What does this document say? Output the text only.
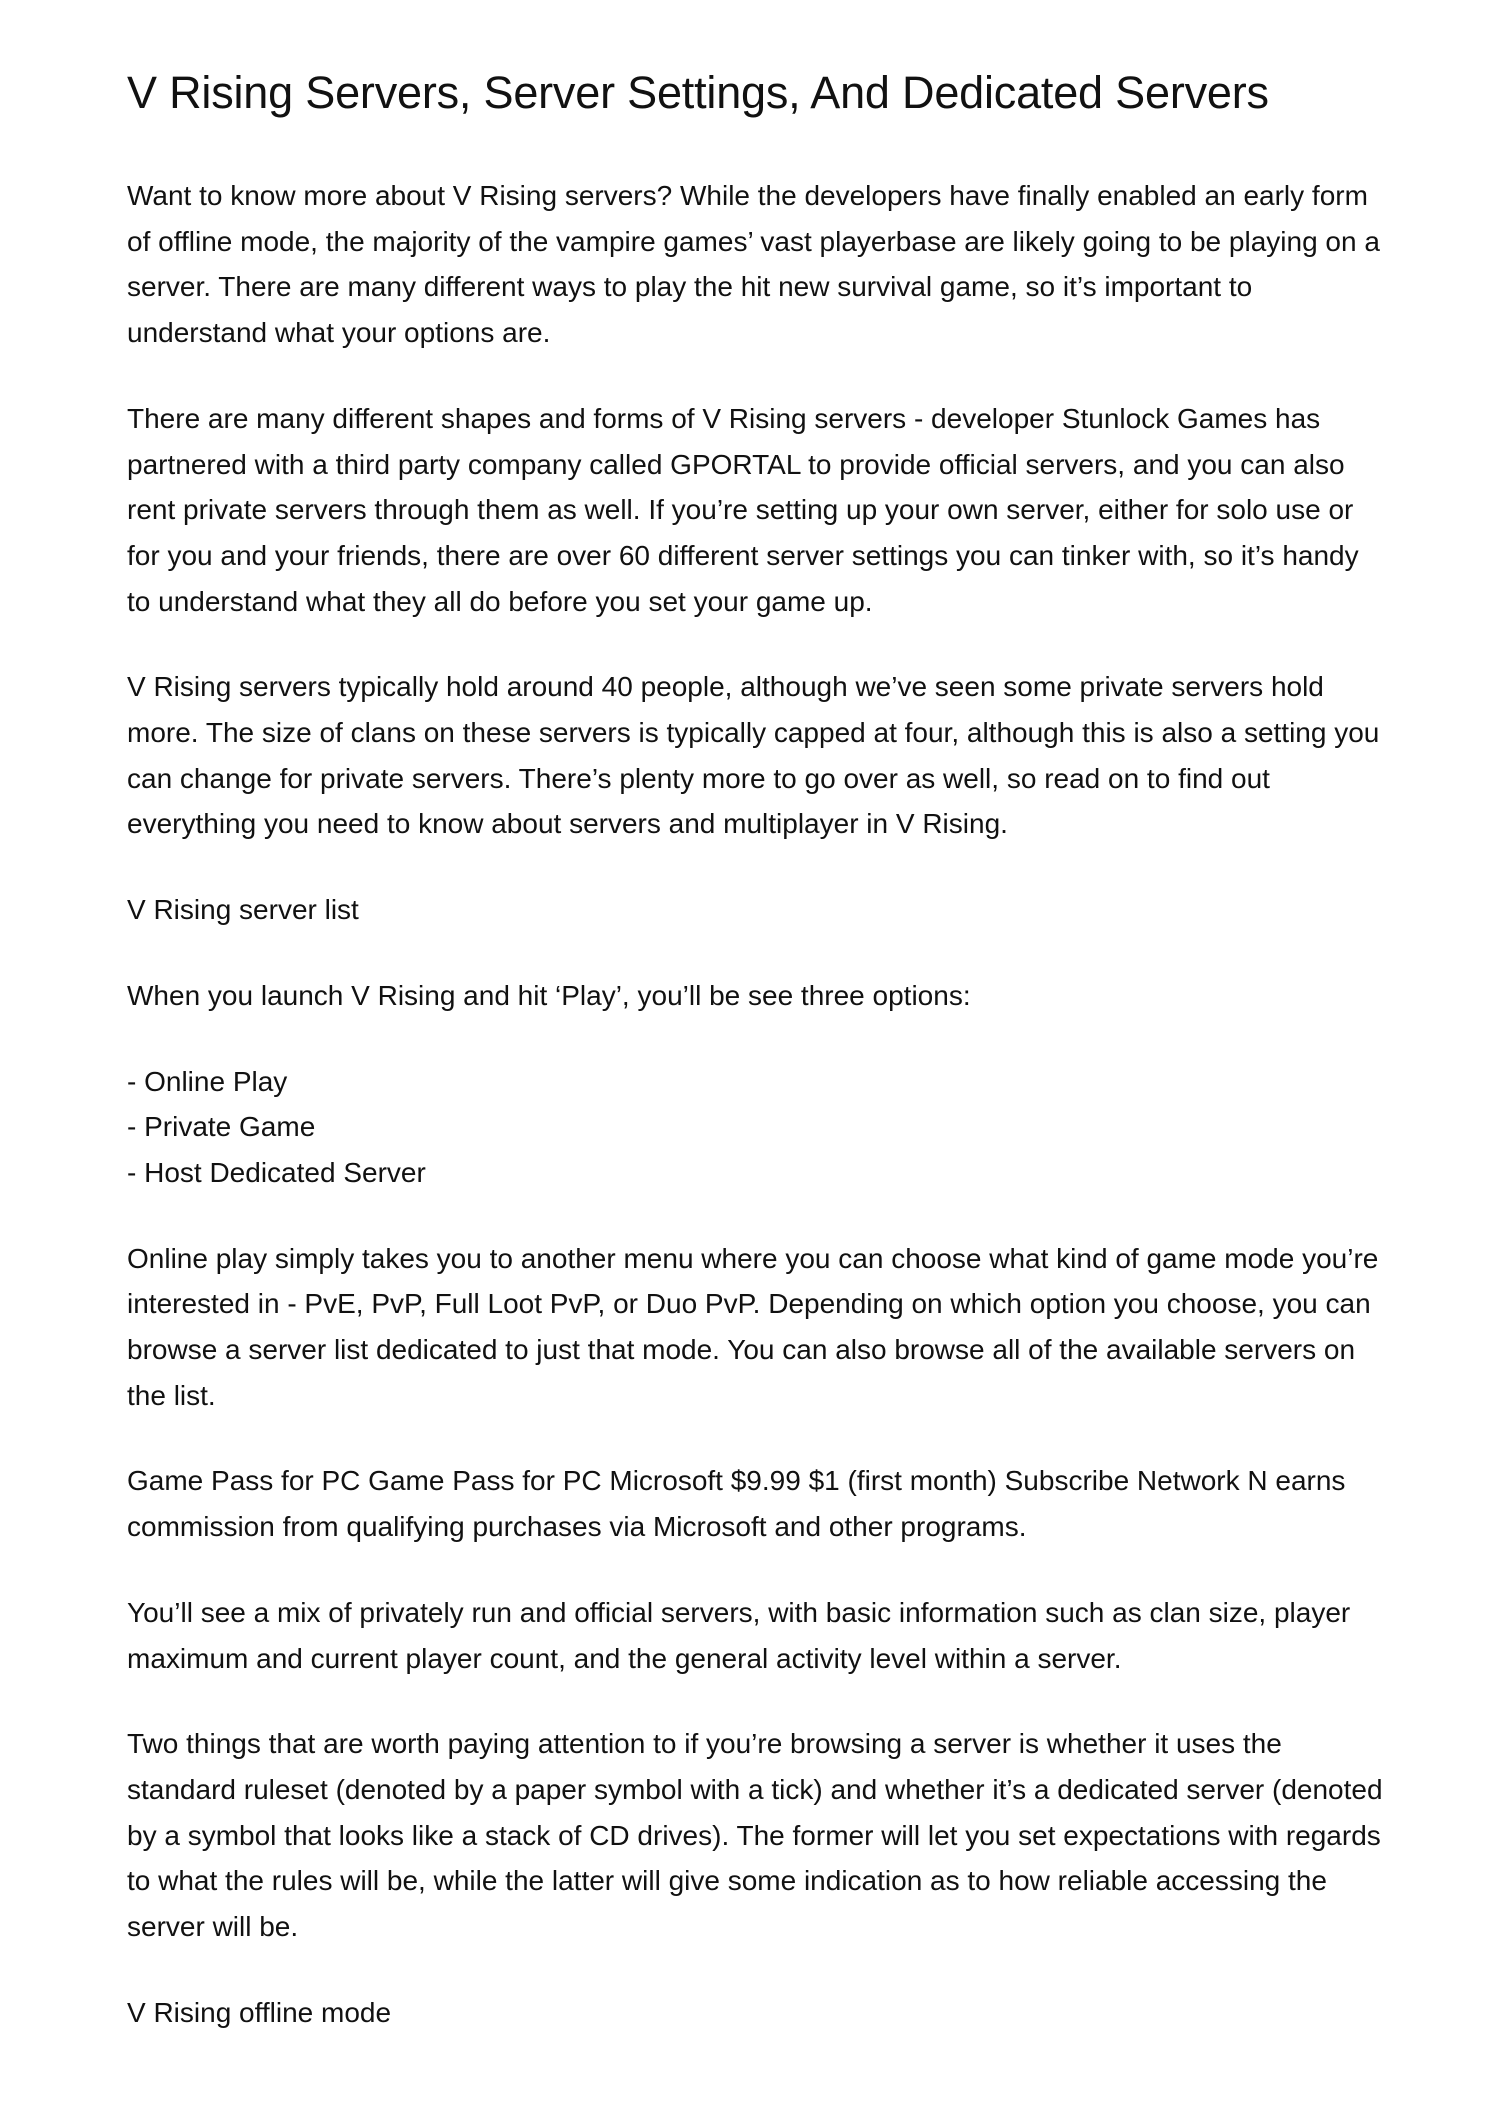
V Rising Servers, Server Settings, And Dedicated Servers

Want to know more about V Rising servers? While the developers have finally enabled an early form of offline mode, the majority of the vampire games’ vast playerbase are likely going to be playing on a server. There are many different ways to play the hit new survival game, so it’s important to understand what your options are.

There are many different shapes and forms of V Rising servers - developer Stunlock Games has partnered with a third party company called GPORTAL to provide official servers, and you can also rent private servers through them as well. If you’re setting up your own server, either for solo use or for you and your friends, there are over 60 different server settings you can tinker with, so it’s handy to understand what they all do before you set your game up.

V Rising servers typically hold around 40 people, although we’ve seen some private servers hold more. The size of clans on these servers is typically capped at four, although this is also a setting you can change for private servers. There’s plenty more to go over as well, so read on to find out everything you need to know about servers and multiplayer in V Rising.

V Rising server list

When you launch V Rising and hit ‘Play’, you’ll be see three options:

- Online Play
- Private Game
- Host Dedicated Server

Online play simply takes you to another menu where you can choose what kind of game mode you’re interested in - PvE, PvP, Full Loot PvP, or Duo PvP. Depending on which option you choose, you can browse a server list dedicated to just that mode. You can also browse all of the available servers on the list.

Game Pass for PC Game Pass for PC Microsoft $9.99 $1 (first month) Subscribe Network N earns commission from qualifying purchases via Microsoft and other programs.

You’ll see a mix of privately run and official servers, with basic information such as clan size, player maximum and current player count, and the general activity level within a server.

Two things that are worth paying attention to if you’re browsing a server is whether it uses the standard ruleset (denoted by a paper symbol with a tick) and whether it’s a dedicated server (denoted by a symbol that looks like a stack of CD drives). The former will let you set expectations with regards to what the rules will be, while the latter will give some indication as to how reliable accessing the server will be.

V Rising offline mode
